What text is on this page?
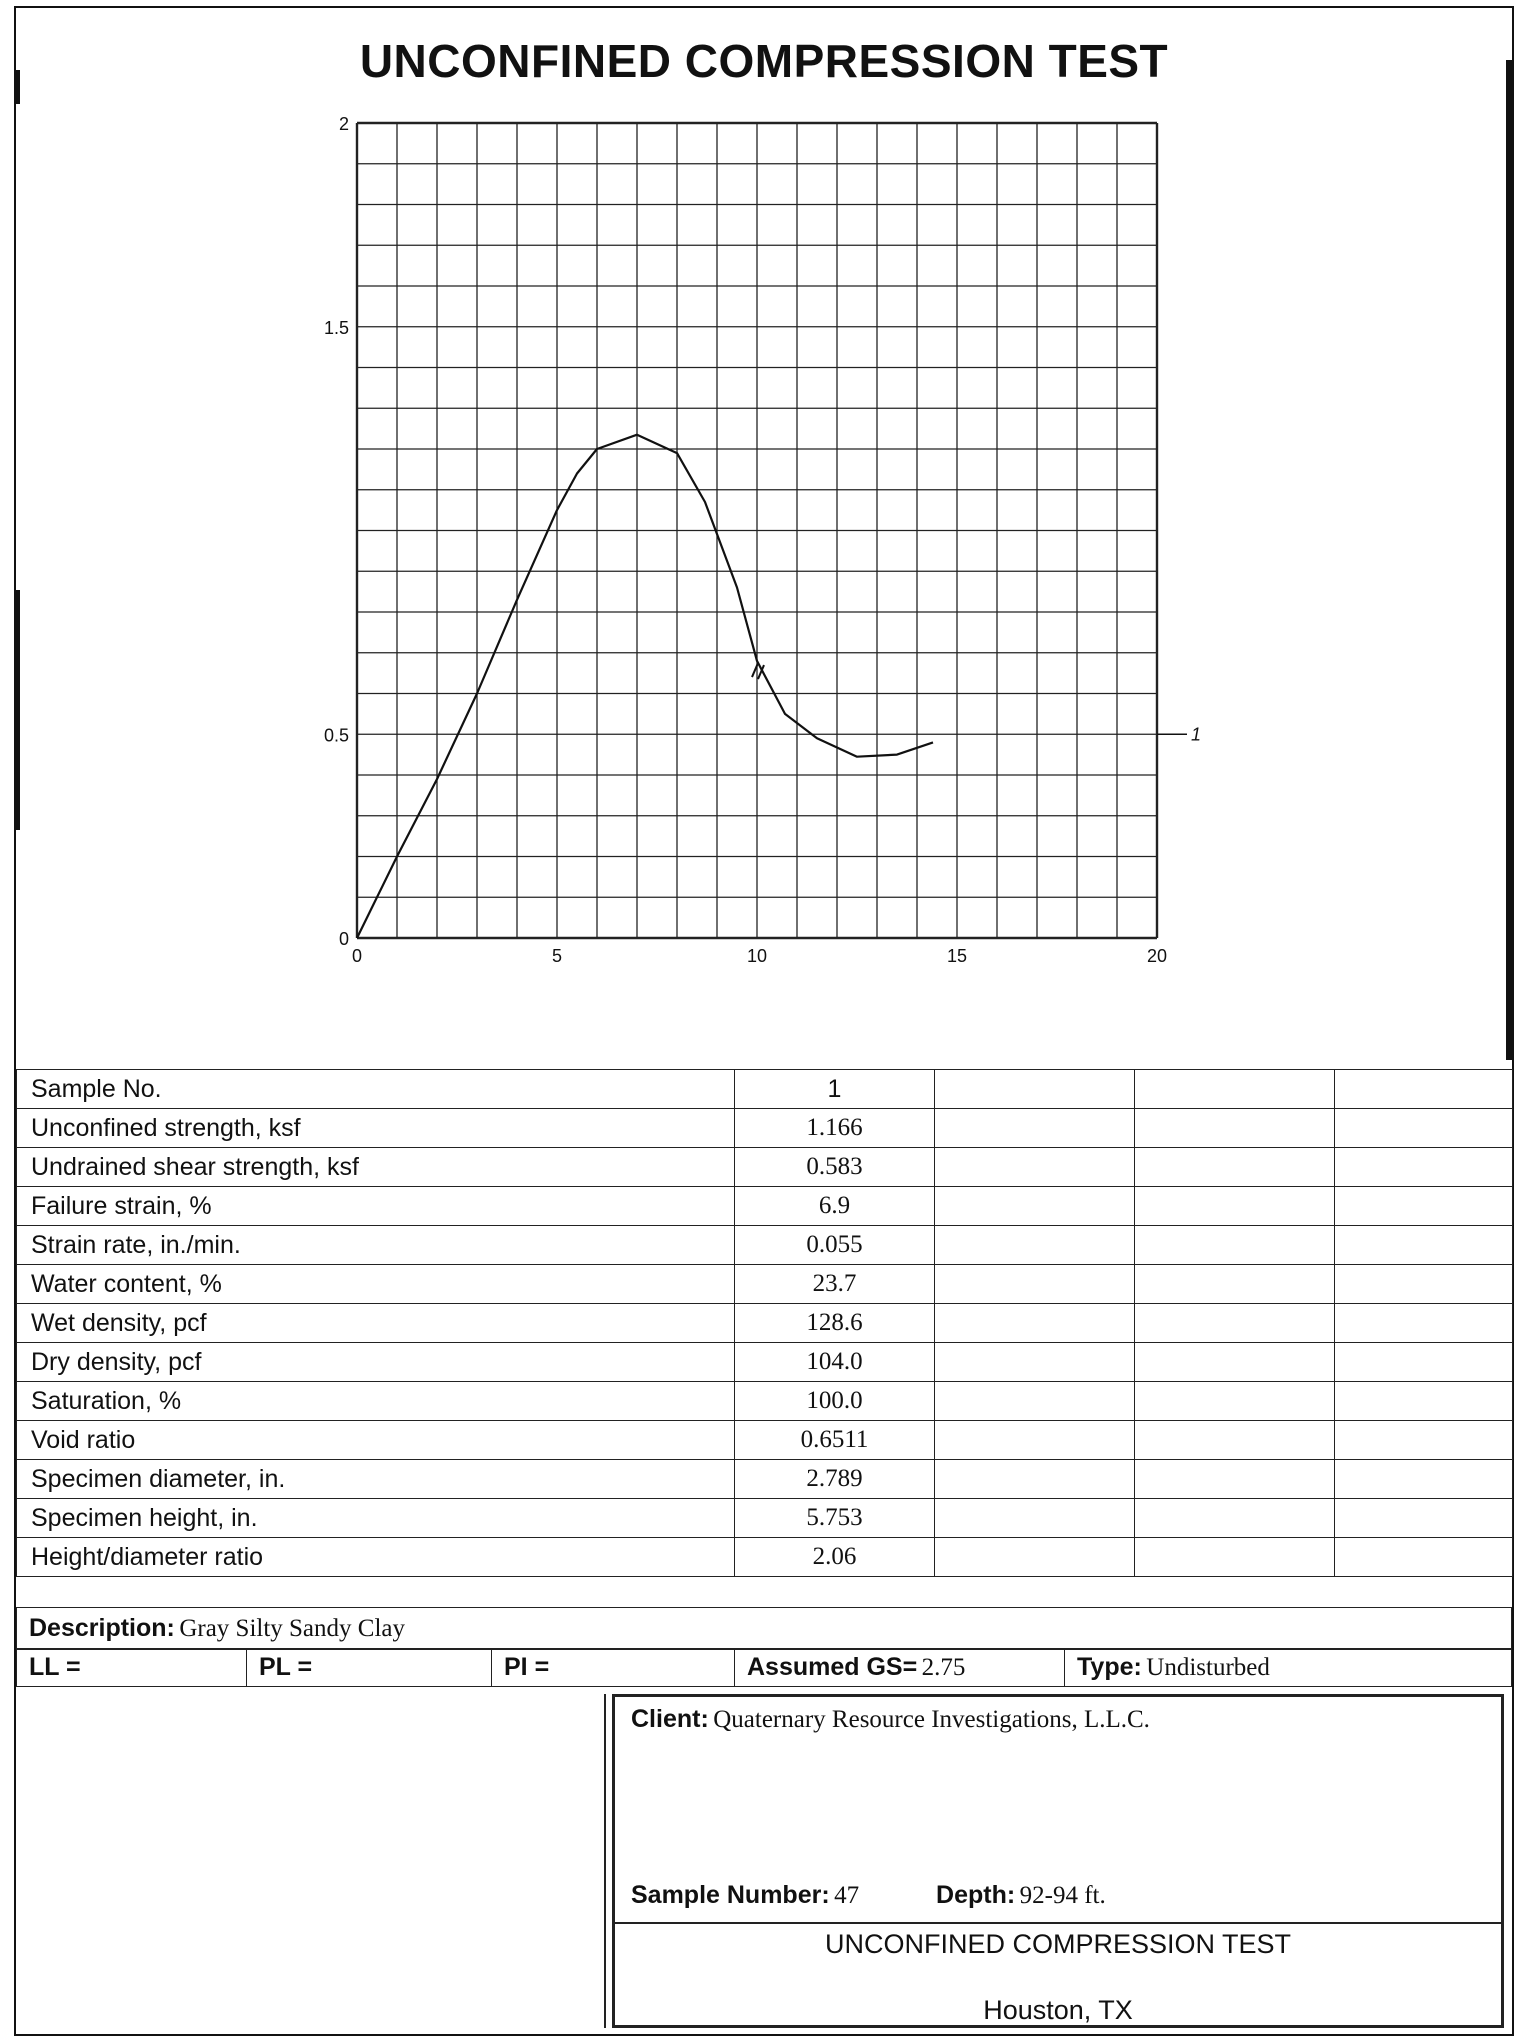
UNCONFINED COMPRESSION TEST
0	5	10	15	20
0
0.5
1.5
2
1
Sample No.	1			
Unconfined strength, ksf	1.166			
Undrained shear strength, ksf	0.583			
Failure strain, %	6.9			
Strain rate, in./min.	0.055			
Water content, %	23.7			
Wet density, pcf	128.6			
Dry density, pcf	104.0			
Saturation, %	100.0			
Void ratio	0.6511			
Specimen diameter, in.	2.789			
Specimen height, in.	5.753			
Height/diameter ratio	2.06			
Description: Gray Silty Sandy Clay
LL =	PL =	PI =	Assumed GS= 2.75	Type: Undisturbed
Client: Quaternary Resource Investigations, L.L.C.
Sample Number: 47	Depth: 92-94 ft.
UNCONFINED COMPRESSION TEST
Houston, TX
